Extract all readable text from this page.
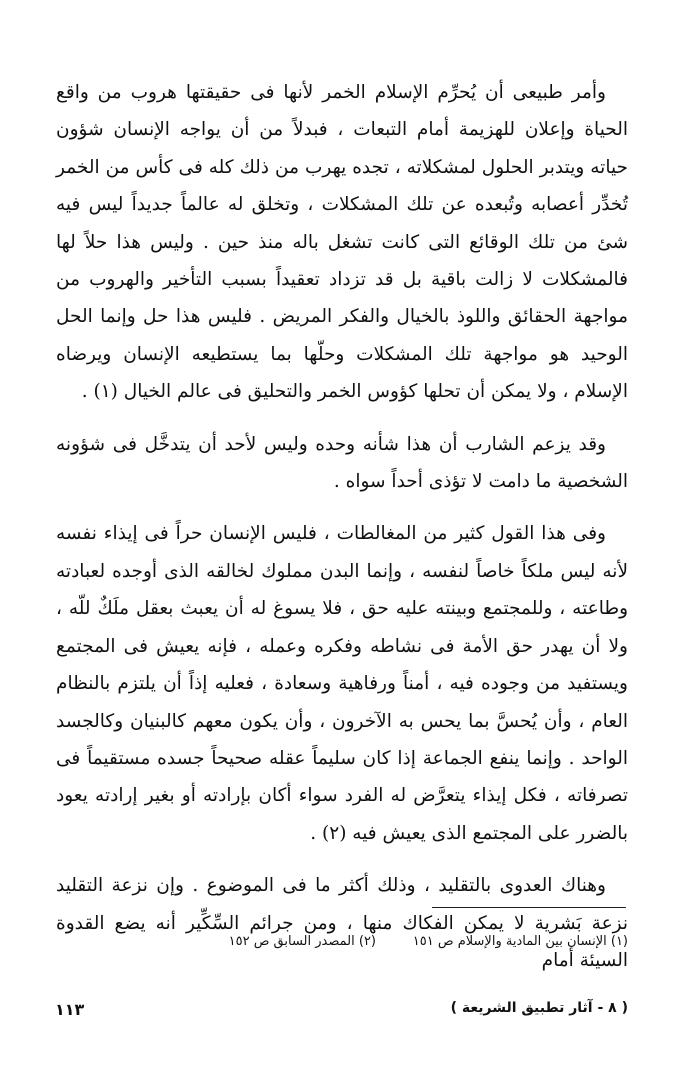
وأمر طبيعى أن يُحرِّم الإسلام الخمر لأنها فى حقيقتها هروب من واقع الحياة وإعلان للهزيمة أمام التبعات ، فبدلاً من أن يواجه الإنسان شؤون حياته ويتدبر الحلول لمشكلاته ، تجده يهرب من ذلك كله فى كأس من الخمر تُخدِّر أعصابه وتُبعده عن تلك المشكلات ، وتخلق له عالماً جديداً ليس فيه شئ من تلك الوقائع التى كانت تشغل باله منذ حين . وليس هذا حلاً لها فالمشكلات لا زالت باقية بل قد تزداد تعقيداً بسبب التأخير والهروب من مواجهة الحقائق واللوذ بالخيال والفكر المريض . فليس هذا حل وإنما الحل الوحيد هو مواجهة تلك المشكلات وحلّها بما يستطيعه الإنسان ويرضاه الإسلام ، ولا يمكن أن تحلها كؤوس الخمر والتحليق فى عالم الخيال (١) .

وقد يزعم الشارب أن هذا شأنه وحده وليس لأحد أن يتدخَّل فى شؤونه الشخصية ما دامت لا تؤذى أحداً سواه .

وفى هذا القول كثير من المغالطات ، فليس الإنسان حراً فى إيذاء نفسه لأنه ليس ملكاً خاصاً لنفسه ، وإنما البدن مملوك لخالقه الذى أوجده لعبادته وطاعته ، وللمجتمع وبينته عليه حق ، فلا يسوغ له أن يعبث بعقل ملَكٌ للّه ، ولا أن يهدر حق الأمة فى نشاطه وفكره وعمله ، فإنه يعيش فى المجتمع ويستفيد من وجوده فيه ، أمناً ورفاهية وسعادة ، فعليه إذاً أن يلتزم بالنظام العام ، وأن يُحسَّ بما يحس به الآخرون ، وأن يكون معهم كالبنيان وكالجسد الواحد . وإنما ينفع الجماعة إذا كان سليماً عقله صحيحاً جسده مستقيماً فى تصرفاته ، فكل إيذاء يتعرَّض له الفرد سواء أكان بإرادته أو بغير إرادته يعود بالضرر على المجتمع الذى يعيش فيه (٢) .

وهناك العدوى بالتقليد ، وذلك أكثر ما فى الموضوع . وإن نزعة التقليد نزعة بَشرية لا يمكن الفكاك منها ، ومن جرائم السِّكِّير أنه يضع القدوة السيئة أمام

(١) الإنسان بين المادية والإسلام ص ١٥١
(٢) المصدر السابق ص ١٥٢
( ٨ - آثار تطبيق الشريعة )
١١٣
